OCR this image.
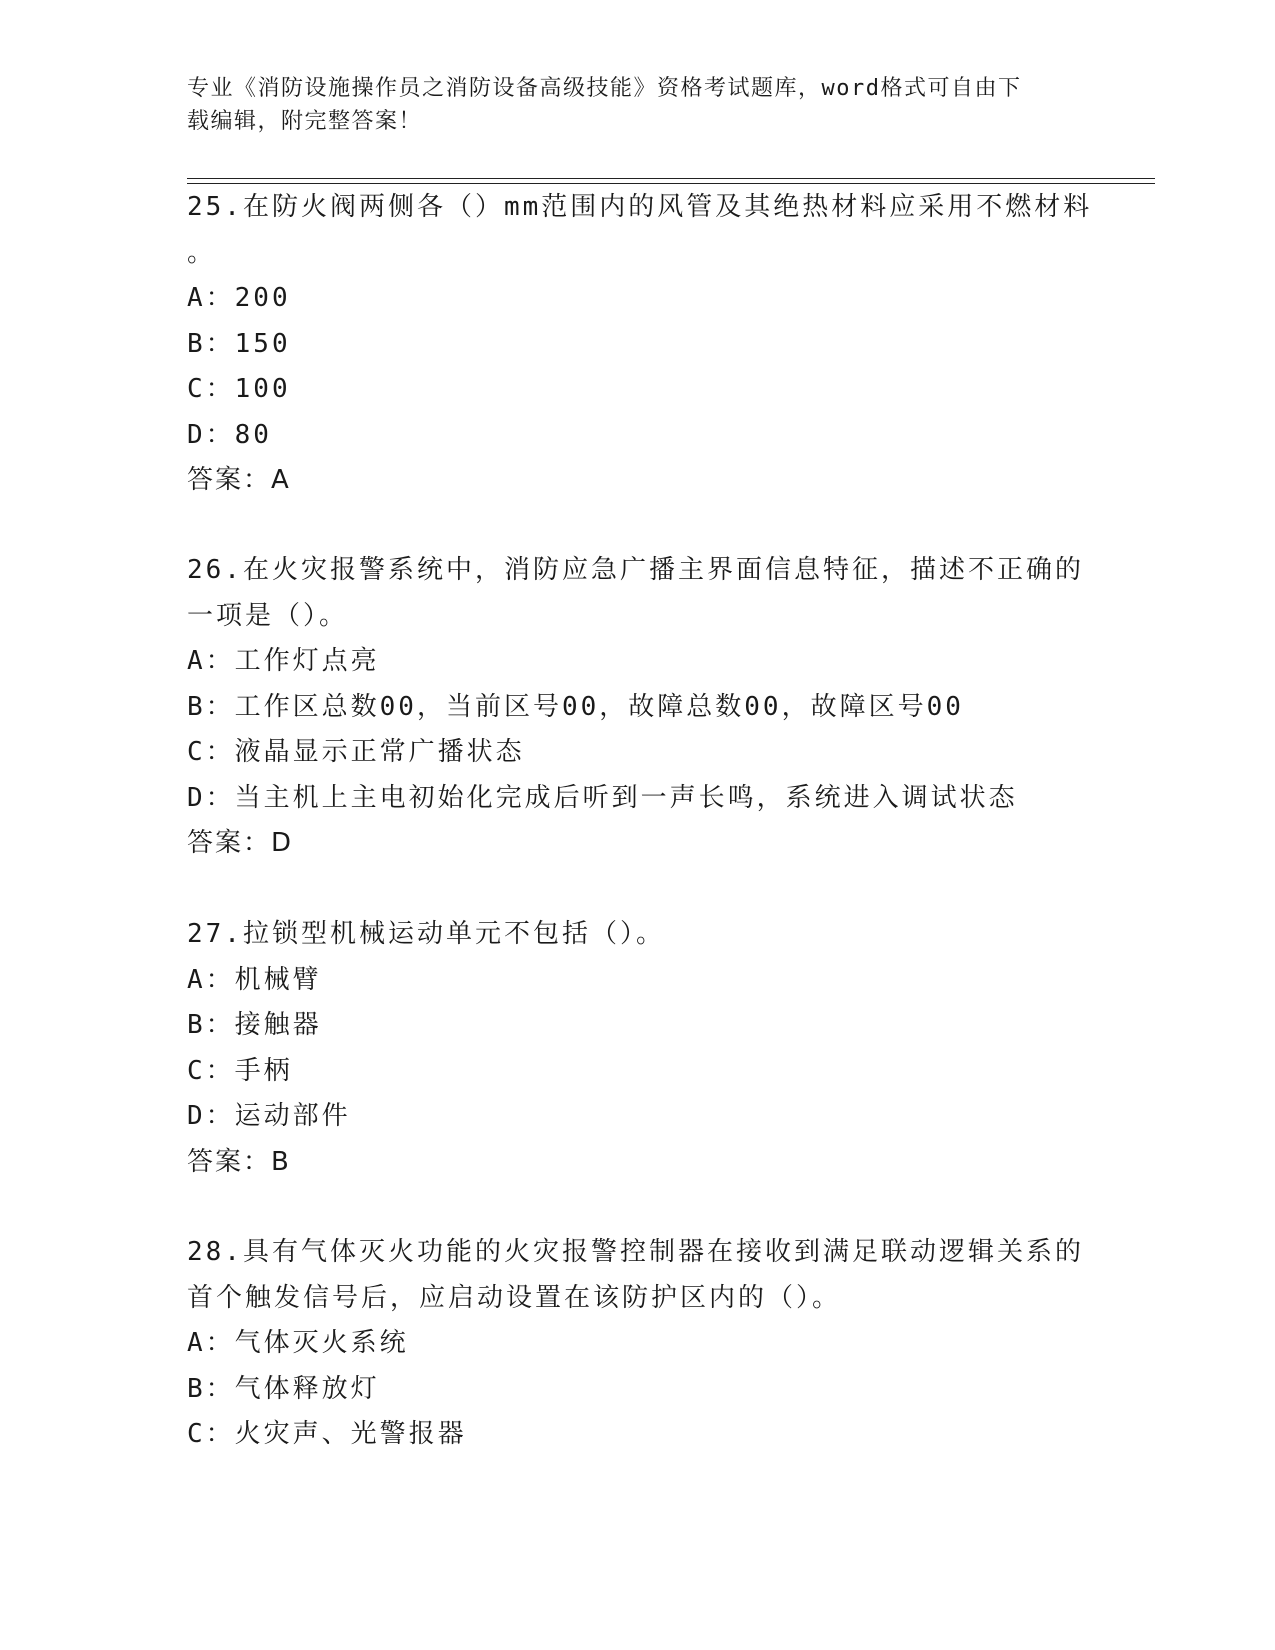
专业《消防设施操作员之消防设备高级技能》资格考试题库，word格式可自由下
载编辑，附完整答案！
25.在防火阀两侧各（）mm范围内的风管及其绝热材料应采用不燃材料
。
A：200
B：150
C：100
D：80
答案：A
26.在火灾报警系统中，消防应急广播主界面信息特征，描述不正确的
一项是（）。
A：工作灯点亮
B：工作区总数00，当前区号00，故障总数00，故障区号00
C：液晶显示正常广播状态
D：当主机上主电初始化完成后听到一声长鸣，系统进入调试状态
答案：D
27.拉锁型机械运动单元不包括（）。
A：机械臂
B：接触器
C：手柄
D：运动部件
答案：B
28.具有气体灭火功能的火灾报警控制器在接收到满足联动逻辑关系的
首个触发信号后，应启动设置在该防护区内的（）。
A：气体灭火系统
B：气体释放灯
C：火灾声、光警报器
